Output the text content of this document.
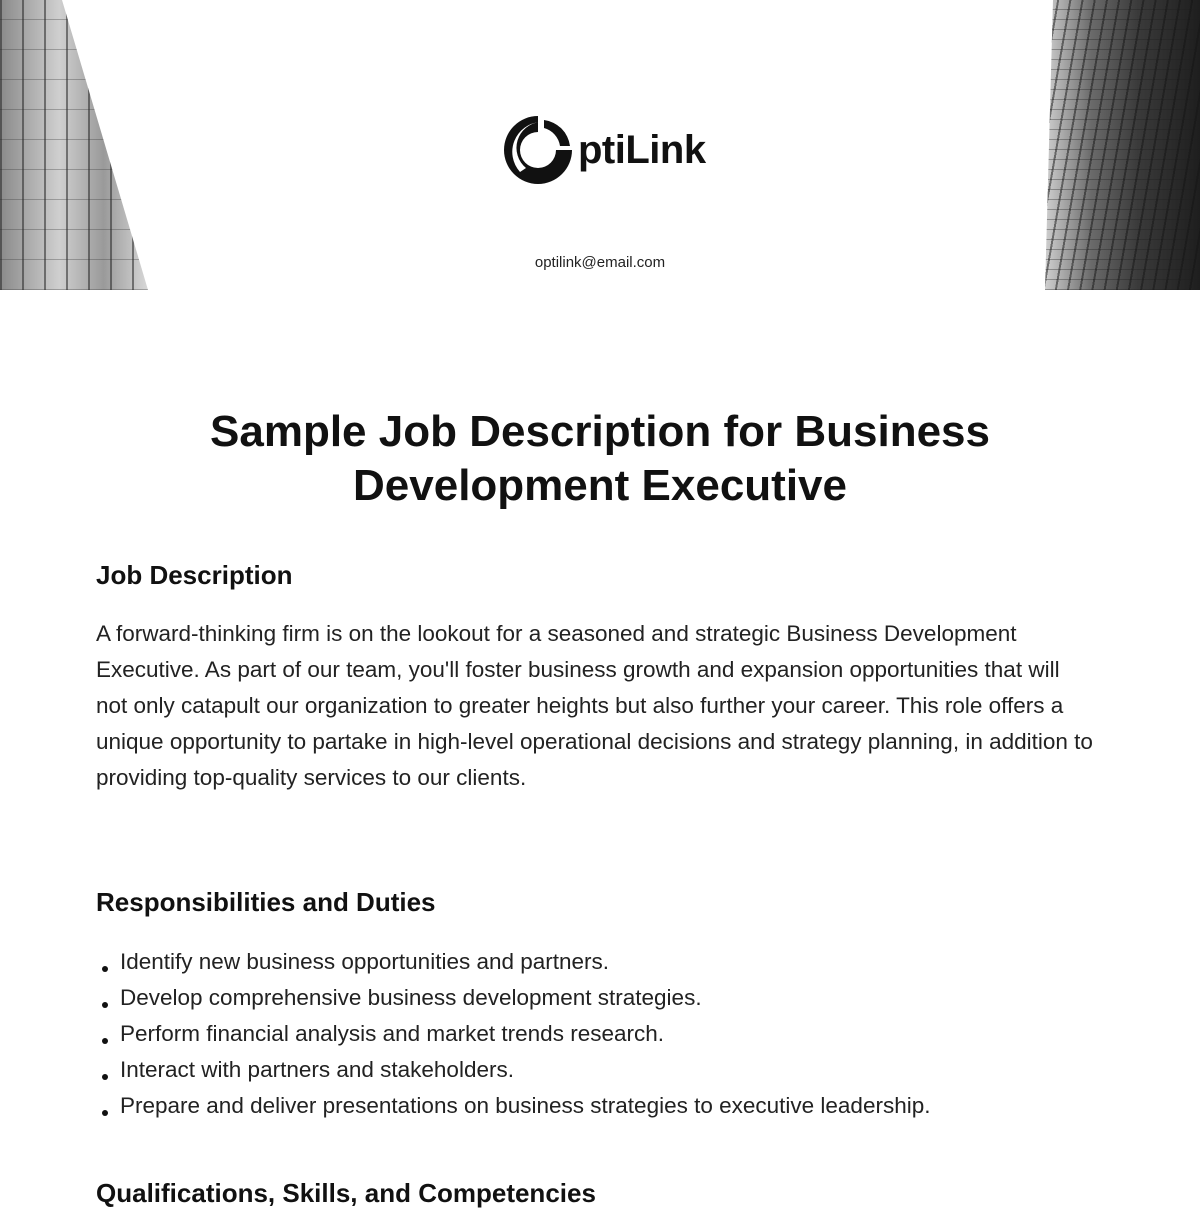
ptiLink
optilink@email.com
Sample Job Description for Business Development Executive
Job Description
A forward-thinking firm is on the lookout for a seasoned and strategic Business Development Executive. As part of our team, you'll foster business growth and expansion opportunities that will not only catapult our organization to greater heights but also further your career. This role offers a unique opportunity to partake in high-level operational decisions and strategy planning, in addition to providing top-quality services to our clients.
Responsibilities and Duties
Identify new business opportunities and partners.
Develop comprehensive business development strategies.
Perform financial analysis and market trends research.
Interact with partners and stakeholders.
Prepare and deliver presentations on business strategies to executive leadership.
Qualifications, Skills, and Competencies
